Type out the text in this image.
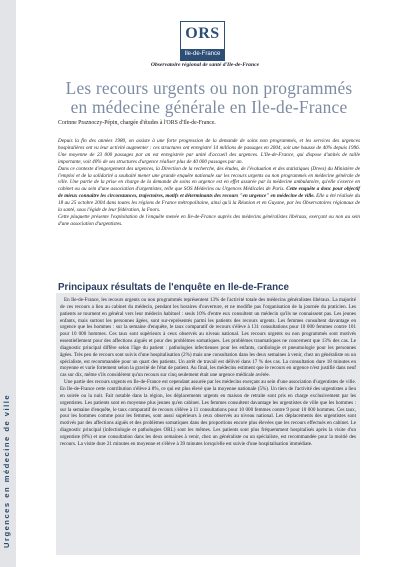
Urgences en médecine de ville
ORS
Ile-de-France
Observatoire régional de santé d'Ile-de-France
Les recours urgents ou non programmés en médecine générale en Ile-de-France
Corinne Praznoczy-Pépin, chargée d'études à l'ORS d'Ile-de-France.

Depuis la fin des années 1980, on assiste à une forte progression de la demande de soins non programmés, et les services des urgences hospitalières ont vu leur activité augmenter : ces structures ont enregistré 14 millions de passages en 2004, soit une hausse de 40% depuis 1996. Une moyenne de 23 000 passages par an est enregistrée par unité d'accueil des urgences. L'Ile-de-France, qui dispose d'unités de taille importante, voit 40% de ses structures d'urgence réaliser plus de 40 000 passages par an.

Dans ce contexte d'engorgement des urgences, la Direction de la recherche, des études, de l'évaluation et des statistiques (Drees) du Ministère de l'emploi et de la solidarité a souhaité mener une grande enquête nationale sur les recours urgents ou non programmés en médecine générale de ville. Une partie de la prise en charge de la demande de soins en urgence est en effet assurée par la médecine ambulatoire, qu'elle s'exerce en cabinet ou au sein d'une association d'urgentistes, telle que SOS Médecins ou Urgences Médicales de Paris. Cette enquête a donc pour objectif de mieux connaître les circonstances, trajectoires, motifs et déterminants des recours "en urgence" en médecine de ville. Elle a été réalisée du 18 au 25 octobre 2004 dans toutes les régions de France métropolitaine, ainsi qu'à la Réunion et en Guyane, par les Observatoires régionaux de la santé, sous l'égide de leur fédération, la Fnors.

Cette plaquette présente l'exploitation de l'enquête menée en Ile-de-France auprès des médecins généralistes libéraux, exerçant ou non au sein d'une association d'urgentistes.

Principaux résultats de l'enquête en Ile-de-France

En Ile-de-France, les recours urgents ou non programmés représentent 13% de l'activité totale des médecins généralistes libéraux. La majorité de ces recours a lieu au cabinet du médecin, pendant les horaires d'ouverture, et ne modifie pas l'organisation de la journée du praticien. Les patients se tournent en général vers leur médecin habituel : seuls 10% d'entre eux consultent un médecin qu'ils ne connaissent pas. Les jeunes enfants, mais surtout les personnes âgées, sont sur-représentés parmi les patients des recours urgents. Les femmes consultent davantage en urgence que les hommes : sur la semaine d'enquête, le taux comparatif de recours s'élève à 131 consultations pour 10 000 femmes contre 101 pour 10 000 hommes. Ces taux sont supérieurs à ceux observés au niveau national. Les recours urgents ou non programmés sont motivés essentiellement pour des affections aiguës et pour des problèmes somatiques. Les problèmes traumatiques ne concernent que 13% des cas. Le diagnostic principal diffère selon l'âge du patient : pathologies infectieuses pour les enfants, cardiologie et pneumologie pour les personnes âgées. Très peu de recours sont suivis d'une hospitalisation (2%) mais une consultation dans les deux semaines à venir, chez un généraliste ou un spécialiste, est recommandée pour un quart des patients. Un arrêt de travail est délivré dans 17 % des cas. La consultation dure 18 minutes en moyenne et varie fortement selon la gravité de l'état de patient. Au final, les médecins estiment que le recours en urgence n'est justifié dans neuf cas sur dix, même s'ils considèrent qu'un recours sur cinq seulement était une urgence médicale avérée.

Une partie des recours urgents en Ile-de-France est cependant assurée par les médecins exerçant au sein d'une association d'urgentistes de ville. En Ile-de-France cette contribution s'élève à 8%, ce qui est plus élevé que la moyenne nationale (5%). Un tiers de l'activité des urgentistes a lieu en soirée ou la nuit. Fait notable dans la région, les déplacements urgents en maison de retraite sont pris en charge exclusivement par les urgentistes. Les patients sont en moyenne plus jeunes qu'en cabinet. Les femmes consultent davantage les urgentistes de ville que les hommes : sur la semaine d'enquête, le taux comparatif de recours s'élève à 11 consultations pour 10 000 femmes contre 9 pour 10 000 hommes. Ces taux, pour les hommes comme pour les femmes, sont aussi supérieurs à ceux observés au niveau national. Les déplacements des urgentistes sont motivés par des affections aiguës et des problèmes somatiques dans des proportions encore plus élevées que les recours effectués en cabinet. Le diagnostic principal (infectiologie et pathologies ORL) sont les mêmes. Les patients sont plus fréquemment hospitalisés après la visite d'un urgentiste (8%) et une consultation dans les deux semaines à venir, chez un généraliste ou un spécialiste, est recommandée pour la moitié des recours. La visite dure 21 minutes en moyenne et s'élève à 39 minutes lorsqu'elle est suivie d'une hospitalisation immédiate.
